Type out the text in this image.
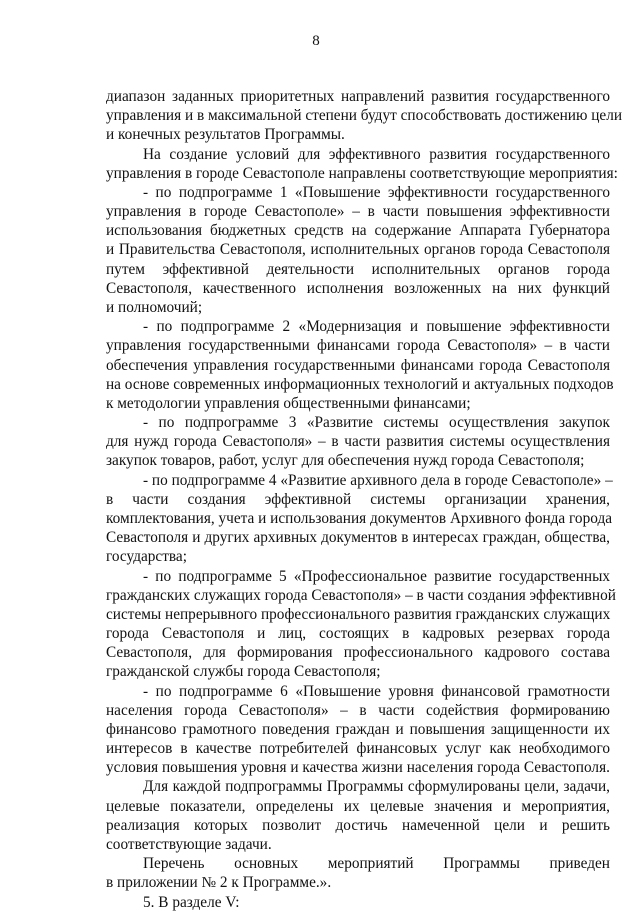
8
диапазон заданных приоритетных направлений развития государственного
управления и в максимальной степени будут способствовать достижению цели
и конечных результатов Программы.
На создание условий для эффективного развития государственного
управления в городе Севастополе направлены соответствующие мероприятия:
- по подпрограмме 1 «Повышение эффективности государственного
управления в городе Севастополе» – в части повышения эффективности
использования бюджетных средств на содержание Аппарата Губернатора
и Правительства Севастополя, исполнительных органов города Севастополя
путем эффективной деятельности исполнительных органов города
Севастополя, качественного исполнения возложенных на них функций
и полномочий;
- по подпрограмме 2 «Модернизация и повышение эффективности
управления государственными финансами города Севастополя» – в части
обеспечения управления государственными финансами города Севастополя
на основе современных информационных технологий и актуальных подходов
к методологии управления общественными финансами;
- по подпрограмме 3 «Развитие системы осуществления закупок
для нужд города Севастополя» – в части развития системы осуществления
закупок товаров, работ, услуг для обеспечения нужд города Севастополя;
- по подпрограмме 4 «Развитие архивного дела в городе Севастополе» –
в части создания эффективной системы организации хранения,
комплектования, учета и использования документов Архивного фонда города
Севастополя и других архивных документов в интересах граждан, общества,
государства;
- по подпрограмме 5 «Профессиональное развитие государственных
гражданских служащих города Севастополя» – в части создания эффективной
системы непрерывного профессионального развития гражданских служащих
города Севастополя и лиц, состоящих в кадровых резервах города
Севастополя, для формирования профессионального кадрового состава
гражданской службы города Севастополя;
- по подпрограмме 6 «Повышение уровня финансовой грамотности
населения города Севастополя» – в части содействия формированию
финансово грамотного поведения граждан и повышения защищенности их
интересов в качестве потребителей финансовых услуг как необходимого
условия повышения уровня и качества жизни населения города Севастополя.
Для каждой подпрограммы Программы сформулированы цели, задачи,
целевые показатели, определены их целевые значения и мероприятия,
реализация которых позволит достичь намеченной цели и решить
соответствующие задачи.
Перечень основных мероприятий Программы приведен
в приложении № 2 к Программе.».
5. В разделе V:
